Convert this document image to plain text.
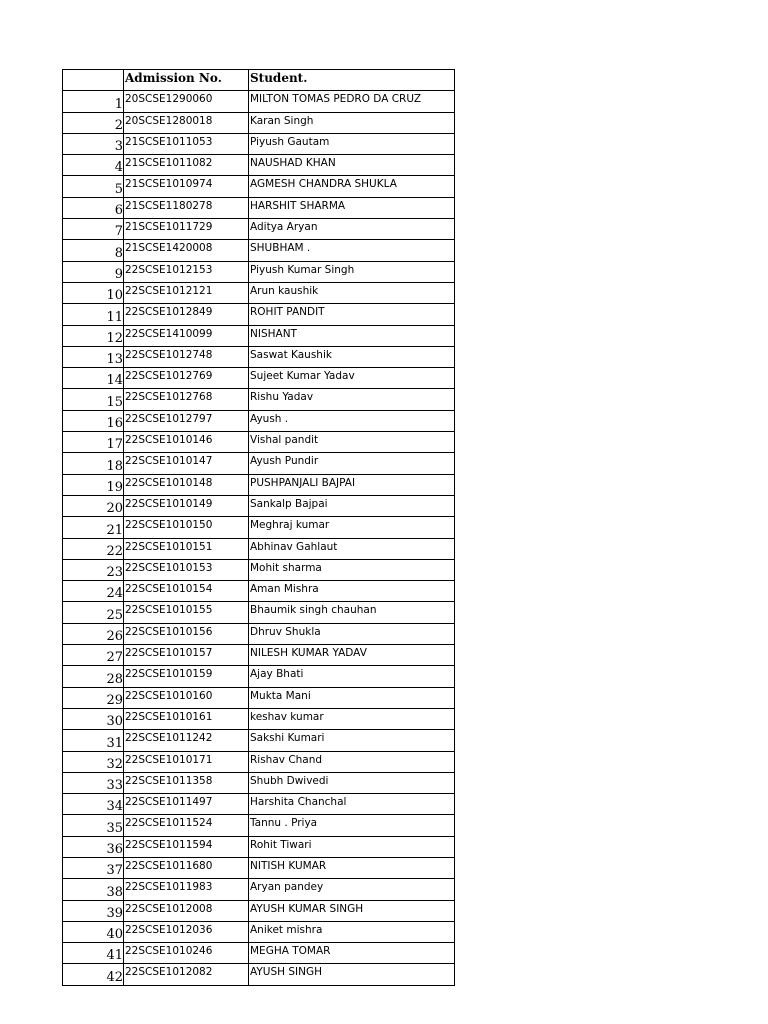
	Admission No.	Student.
1	20SCSE1290060	MILTON TOMAS PEDRO DA CRUZ
2	20SCSE1280018	Karan Singh
3	21SCSE1011053	Piyush Gautam
4	21SCSE1011082	NAUSHAD KHAN
5	21SCSE1010974	AGMESH CHANDRA SHUKLA
6	21SCSE1180278	HARSHIT SHARMA
7	21SCSE1011729	Aditya Aryan
8	21SCSE1420008	SHUBHAM .
9	22SCSE1012153	Piyush Kumar Singh
10	22SCSE1012121	Arun kaushik
11	22SCSE1012849	ROHIT PANDIT
12	22SCSE1410099	NISHANT
13	22SCSE1012748	Saswat Kaushik
14	22SCSE1012769	Sujeet Kumar Yadav
15	22SCSE1012768	Rishu Yadav
16	22SCSE1012797	Ayush .
17	22SCSE1010146	Vishal pandit
18	22SCSE1010147	Ayush Pundir
19	22SCSE1010148	PUSHPANJALI BAJPAI
20	22SCSE1010149	Sankalp Bajpai
21	22SCSE1010150	Meghraj kumar
22	22SCSE1010151	Abhinav Gahlaut
23	22SCSE1010153	Mohit sharma
24	22SCSE1010154	Aman Mishra
25	22SCSE1010155	Bhaumik singh chauhan
26	22SCSE1010156	Dhruv Shukla
27	22SCSE1010157	NILESH KUMAR YADAV
28	22SCSE1010159	Ajay Bhati
29	22SCSE1010160	Mukta Mani
30	22SCSE1010161	keshav kumar
31	22SCSE1011242	Sakshi Kumari
32	22SCSE1010171	Rishav Chand
33	22SCSE1011358	Shubh Dwivedi
34	22SCSE1011497	Harshita Chanchal
35	22SCSE1011524	Tannu . Priya
36	22SCSE1011594	Rohit Tiwari
37	22SCSE1011680	NITISH KUMAR
38	22SCSE1011983	Aryan pandey
39	22SCSE1012008	AYUSH KUMAR SINGH
40	22SCSE1012036	Aniket mishra
41	22SCSE1010246	MEGHA TOMAR
42	22SCSE1012082	AYUSH SINGH
